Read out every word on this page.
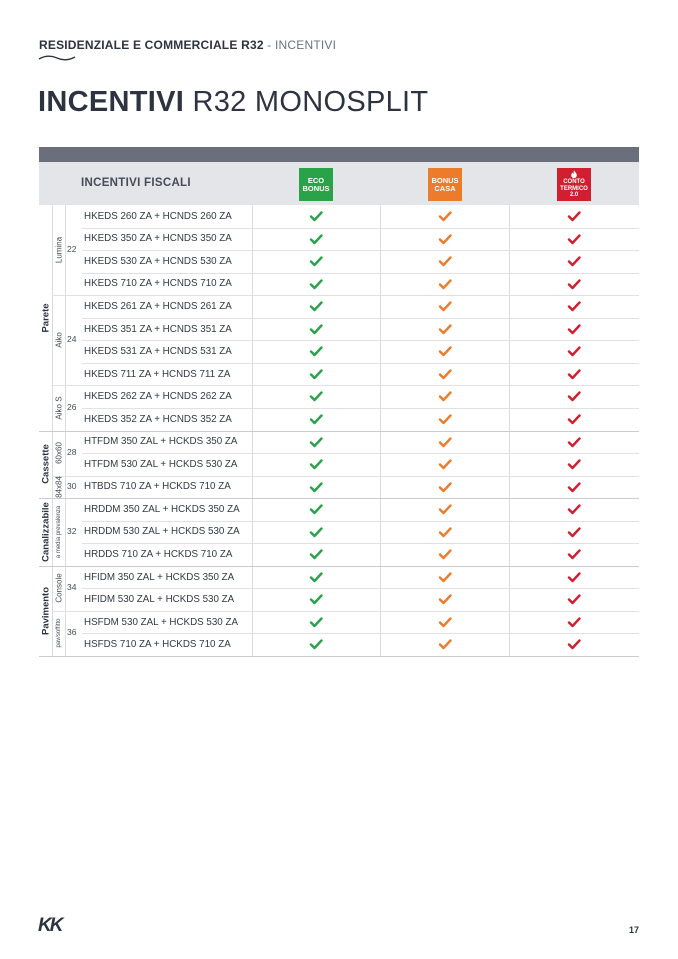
RESIDENZIALE E COMMERCIALE R32 - INCENTIVI
INCENTIVI R32 MONOSPLIT
INCENTIVI FISCALI	ECO
BONUS
BONUS
CASA
CONTO
TERMICO
2.0
HKEDS 260 ZA + HCNDS 260 ZA
HKEDS 350 ZA + HCNDS 350 ZA
HKEDS 530 ZA + HCNDS 530 ZA
HKEDS 710 ZA + HCNDS 710 ZA
Lumina 22
HKEDS 261 ZA + HCNDS 261 ZA
HKEDS 351 ZA + HCNDS 351 ZA
HKEDS 531 ZA + HCNDS 531 ZA
HKEDS 711 ZA + HCNDS 711 ZA
Aiko 24
HKEDS 262 ZA + HCNDS 262 ZA
HKEDS 352 ZA + HCNDS 352 ZA
Aiko S 26
Parete
HTFDM 350 ZAL + HCKDS 350 ZA
HTFDM 530 ZAL + HCKDS 530 ZA
60x60 28
HTBDS 710 ZA + HCKDS 710 ZA
84x84 30
Cassette
HRDDM 350 ZAL + HCKDS 350 ZA
HRDDM 530 ZAL + HCKDS 530 ZA
HRDDS 710 ZA + HCKDS 710 ZA
a media prevalenza 32
Canalizzabile
HFIDM 350 ZAL + HCKDS 350 ZA
HFIDM 530 ZAL + HCKDS 530 ZA
Console 34
HSFDM 530 ZAL + HCKDS 530 ZA
HSFDS 710 ZA + HCKDS 710 ZA
pav/soffitto 36
Pavimento
KK	17
